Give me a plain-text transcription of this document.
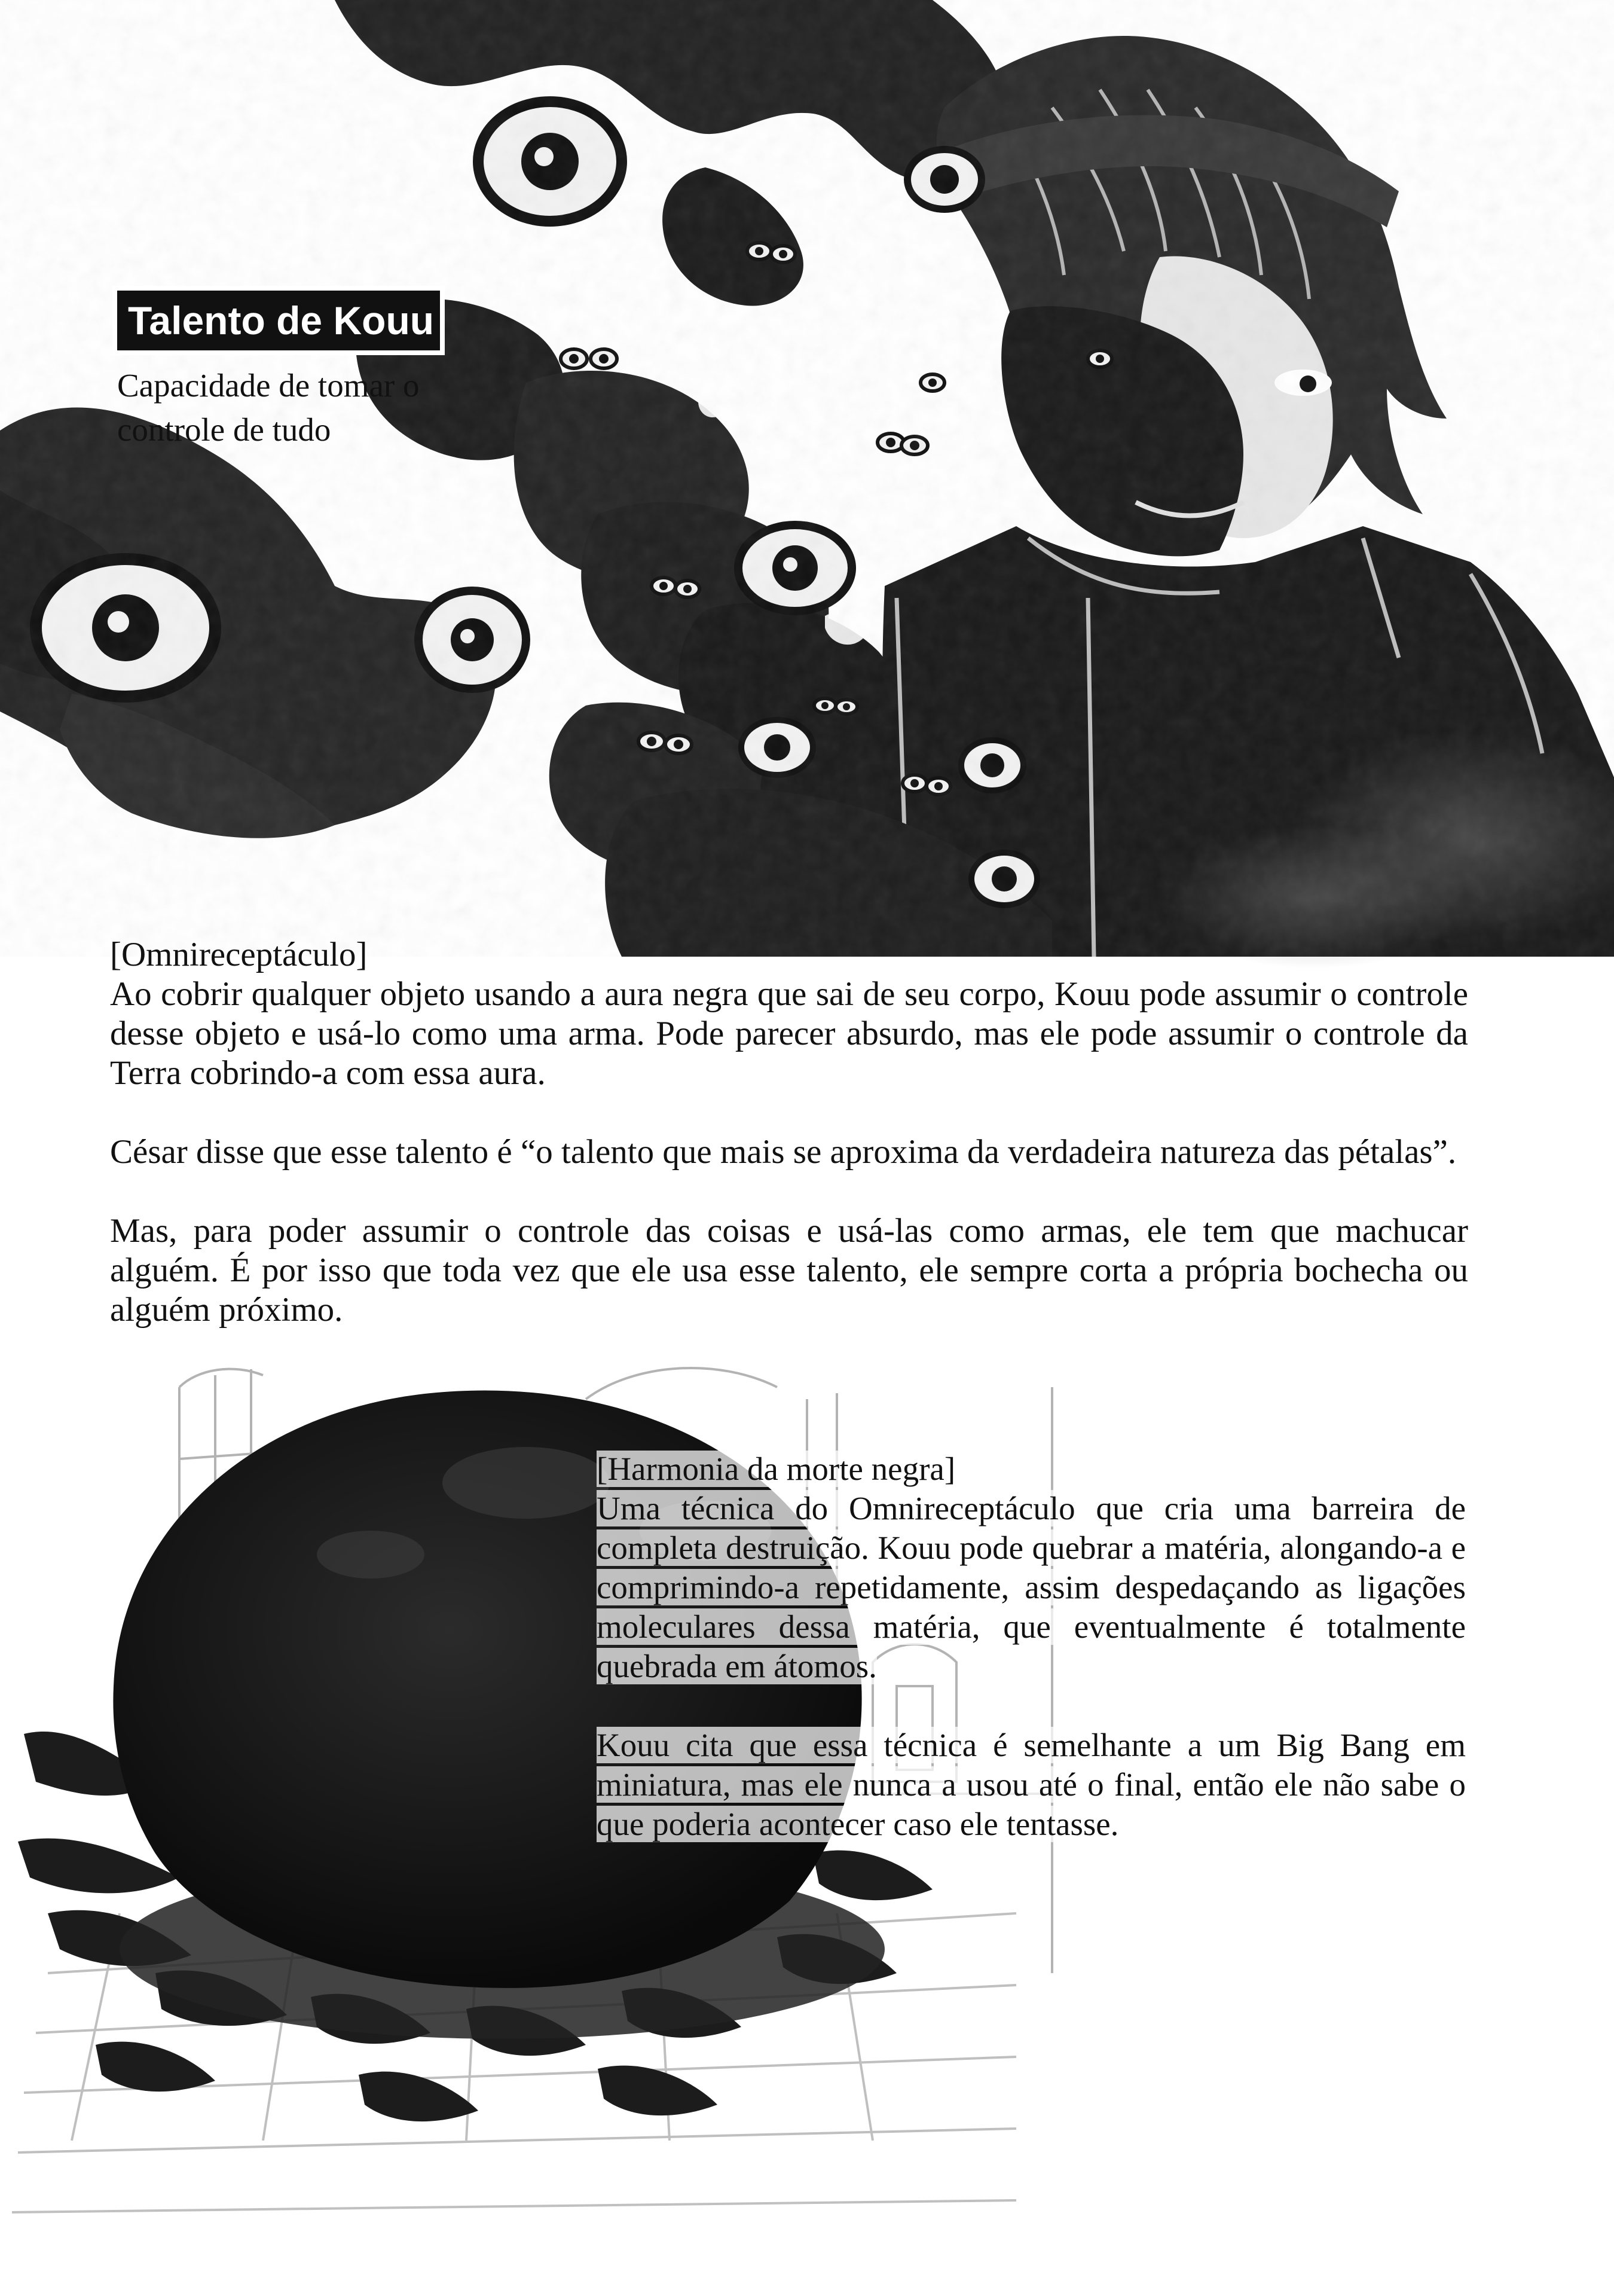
Talento de Kouu
Capacidade de tomar o controle de tudo

[Omnireceptáculo]

Ao cobrir qualquer objeto usando a aura negra que sai de seu corpo, Kouu pode assumir o controle desse objeto e usá-lo como uma arma. Pode parecer absurdo, mas ele pode assumir o controle da Terra cobrindo-a com essa aura.

César disse que esse talento é “o talento que mais se aproxima da verdadeira natureza das pétalas”.

Mas, para poder assumir o controle das coisas e usá-las como armas, ele tem que machucar alguém. É por isso que toda vez que ele usa esse talento, ele sempre corta a própria bochecha ou alguém próximo.

[Harmonia da morte negra]

Uma técnica do Omnireceptáculo que cria uma barreira de completa destruição. Kouu pode quebrar a matéria, alongando-a e comprimindo-a repetidamente, assim despedaçando as ligações moleculares dessa matéria, que eventualmente é totalmente quebrada em átomos.

Kouu cita que essa técnica é semelhante a um Big Bang em miniatura, mas ele nunca a usou até o final, então ele não sabe o que poderia acontecer caso ele tentasse.
